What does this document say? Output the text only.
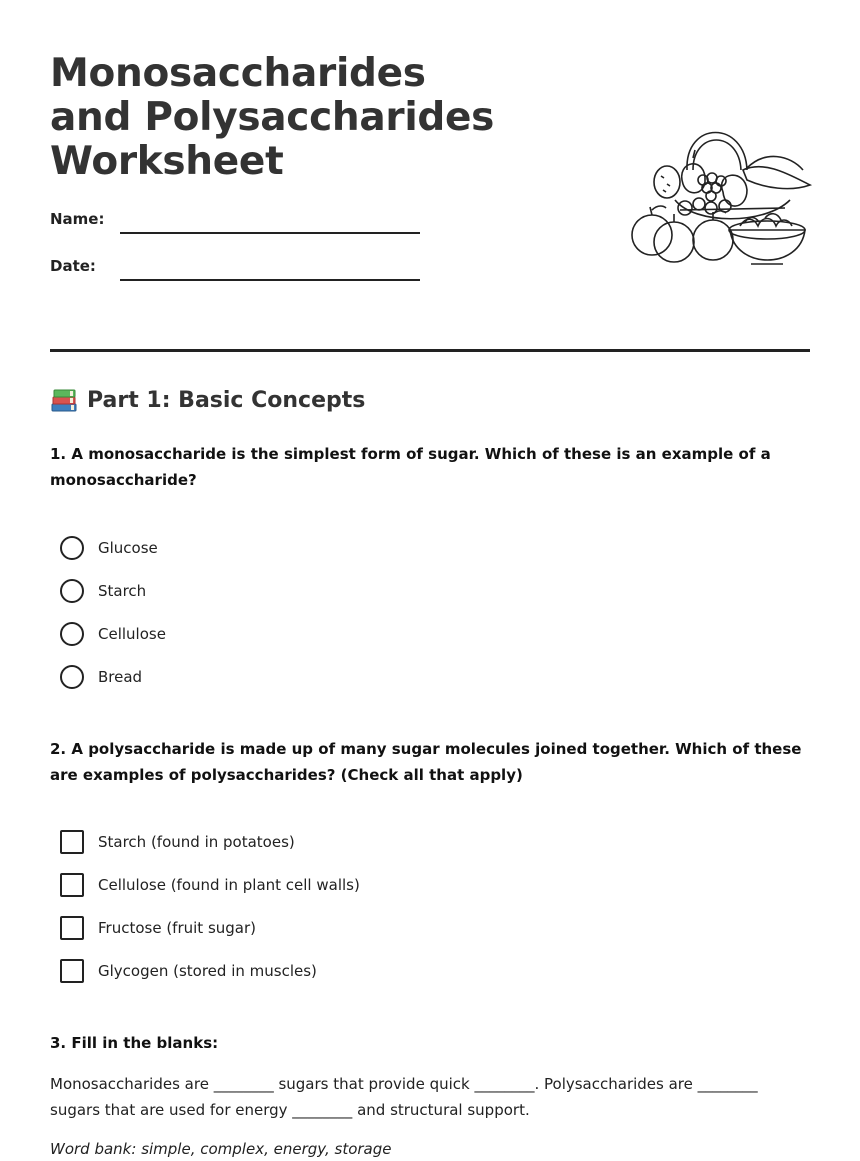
Monosaccharides and Polysaccharides Worksheet
Name:
Date:
Part 1: Basic Concepts

1. A monosaccharide is the simplest form of sugar. Which of these is an example of a monosaccharide?

Glucose
Starch
Cellulose
Bread

2. A polysaccharide is made up of many sugar molecules joined together. Which of these are examples of polysaccharides? (Check all that apply)

Starch (found in potatoes)
Cellulose (found in plant cell walls)
Fructose (fruit sugar)
Glycogen (stored in muscles)

3. Fill in the blanks:

Monosaccharides are ________ sugars that provide quick ________. Polysaccharides are ________ sugars that are used for energy ________ and structural support.

Word bank: simple, complex, energy, storage
